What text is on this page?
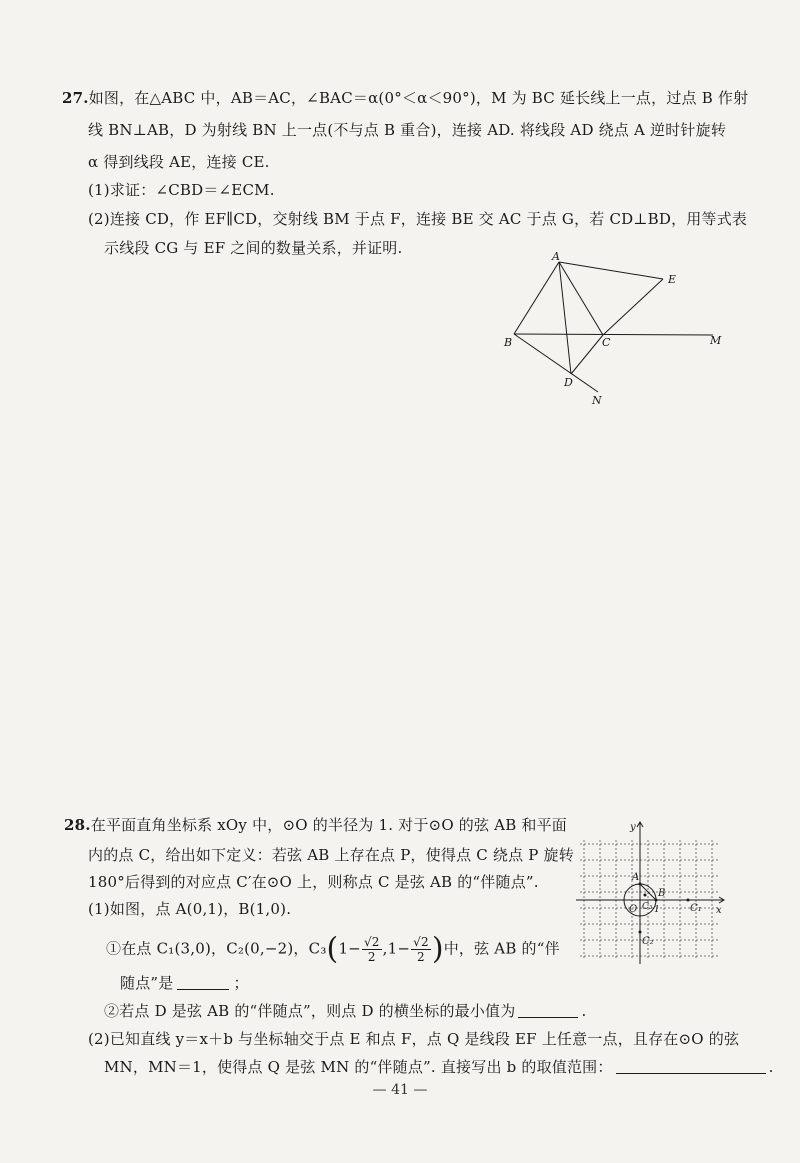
27.如图，在△ABC 中，AB＝AC，∠BAC＝α(0°＜α＜90°)，M 为 BC 延长线上一点，过点 B 作射
线 BN⊥AB，D 为射线 BN 上一点(不与点 B 重合)，连接 AD. 将线段 AD 绕点 A 逆时针旋转
α 得到线段 AE，连接 CE.
(1)求证：∠CBD＝∠ECM.
(2)连接 CD，作 EF∥CD，交射线 BM 于点 F，连接 BE 交 AC 于点 G，若 CD⊥BD，用等式表
示线段 CG 与 EF 之间的数量关系，并证明.	A
B	C
D
E
M
N
28.在平面直角坐标系 xOy 中，⊙O 的半径为 1. 对于⊙O 的弦 AB 和平面
内的点 C，给出如下定义：若弦 AB 上存在点 P，使得点 C 绕点 P 旋转
180°后得到的对应点 C′在⊙O 上，则称点 C 是弦 AB 的“伴随点”.
(1)如图，点 A(0,1)，B(1,0).
①在点 C₁(3,0)，C₂(0,−2)，$C_3(1- \frac{√2}{2} ,1- \frac{√2}{2}$ )中，弦 AB 的“伴
随点”是	；
②若点 D 是弦 AB 的“伴随点”，则点 D 的横坐标的最小值为	.
(2)已知直线 y＝x＋b 与坐标轴交于点 E 和点 F，点 Q 是线段 EF 上任意一点，且存在⊙O 的弦
MN，MN＝1，使得点 Q 是弦 MN 的“伴随点”. 直接写出 b 的取值范围：	.
y
x
O
A
B
C₃ 1	C₁
C₂
— 41 —
